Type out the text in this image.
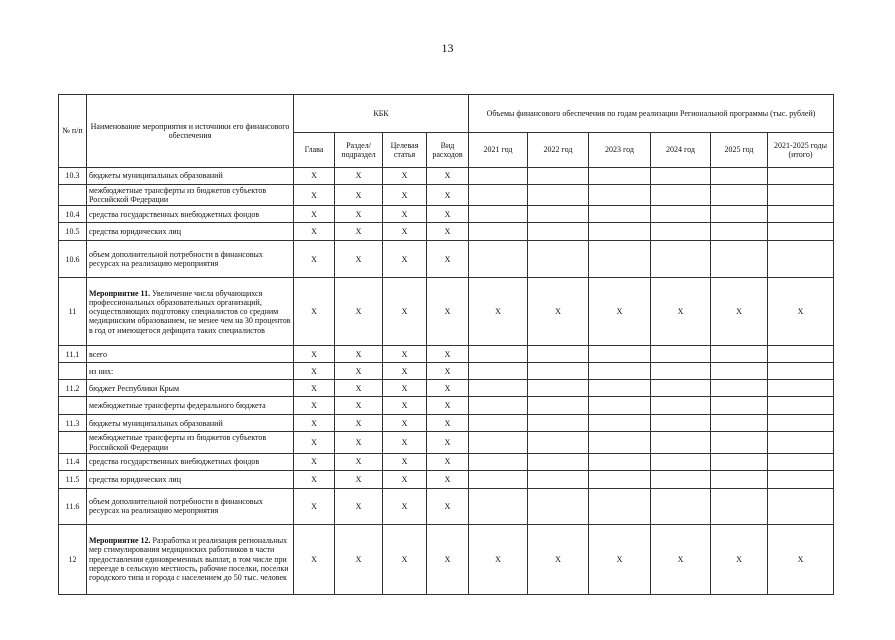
13
№ п/п	Наименование мероприятия и источники его финансового обеспечения	КБК				Объемы финансового обеспечения по годам реализации Региональной программы (тыс. рублей)					
		Глава	Раздел/ подраздел	Целевая статья	Вид расходов	2021 год	2022 год	2023 год	2024 год	2025 год	2021-2025 годы (итого)
10.3	бюджеты муниципальных образований	X	X	X	X						
	межбюджетные трансферты из бюджетов субъектов Российской Федерации	X	X	X	X						
10.4	средства государственных внебюджетных фондов	X	X	X	X						
10.5	средства юридических лиц	X	X	X	X						
10.6	объем дополнительной потребности в финансовых ресурсах на реализацию мероприятия	X	X	X	X						
11	Мероприятие 11. Увеличение числа обучающихся профессиональных образовательных организаций, осуществляющих подготовку специалистов со средним медицинским образованием, не менее чем на 30 процентов в год от имеющегося дефицита таких специалистов	X	X	X	X	X	X	X	X	X	X
11.1	всего	X	X	X	X						
	из них:	X	X	X	X						
11.2	бюджет Республики Крым	X	X	X	X						
	межбюджетные трансферты федерального бюджета	X	X	X	X						
11.3	бюджеты муниципальных образований	X	X	X	X						
	межбюджетные трансферты из бюджетов субъектов Российской Федерации	X	X	X	X						
11.4	средства государственных внебюджетных фондов	X	X	X	X						
11.5	средства юридических лиц	X	X	X	X						
11.6	объем дополнительной потребности в финансовых ресурсах на реализацию мероприятия	X	X	X	X						
12	Мероприятие 12. Разработка и реализация региональных мер стимулирования медицинских работников в части предоставления единовременных выплат, в том числе при переезде в сельскую местность, рабочие поселки, поселки городского типа и города с населением до 50 тыс. человек	X	X	X	X	X	X	X	X	X	X
